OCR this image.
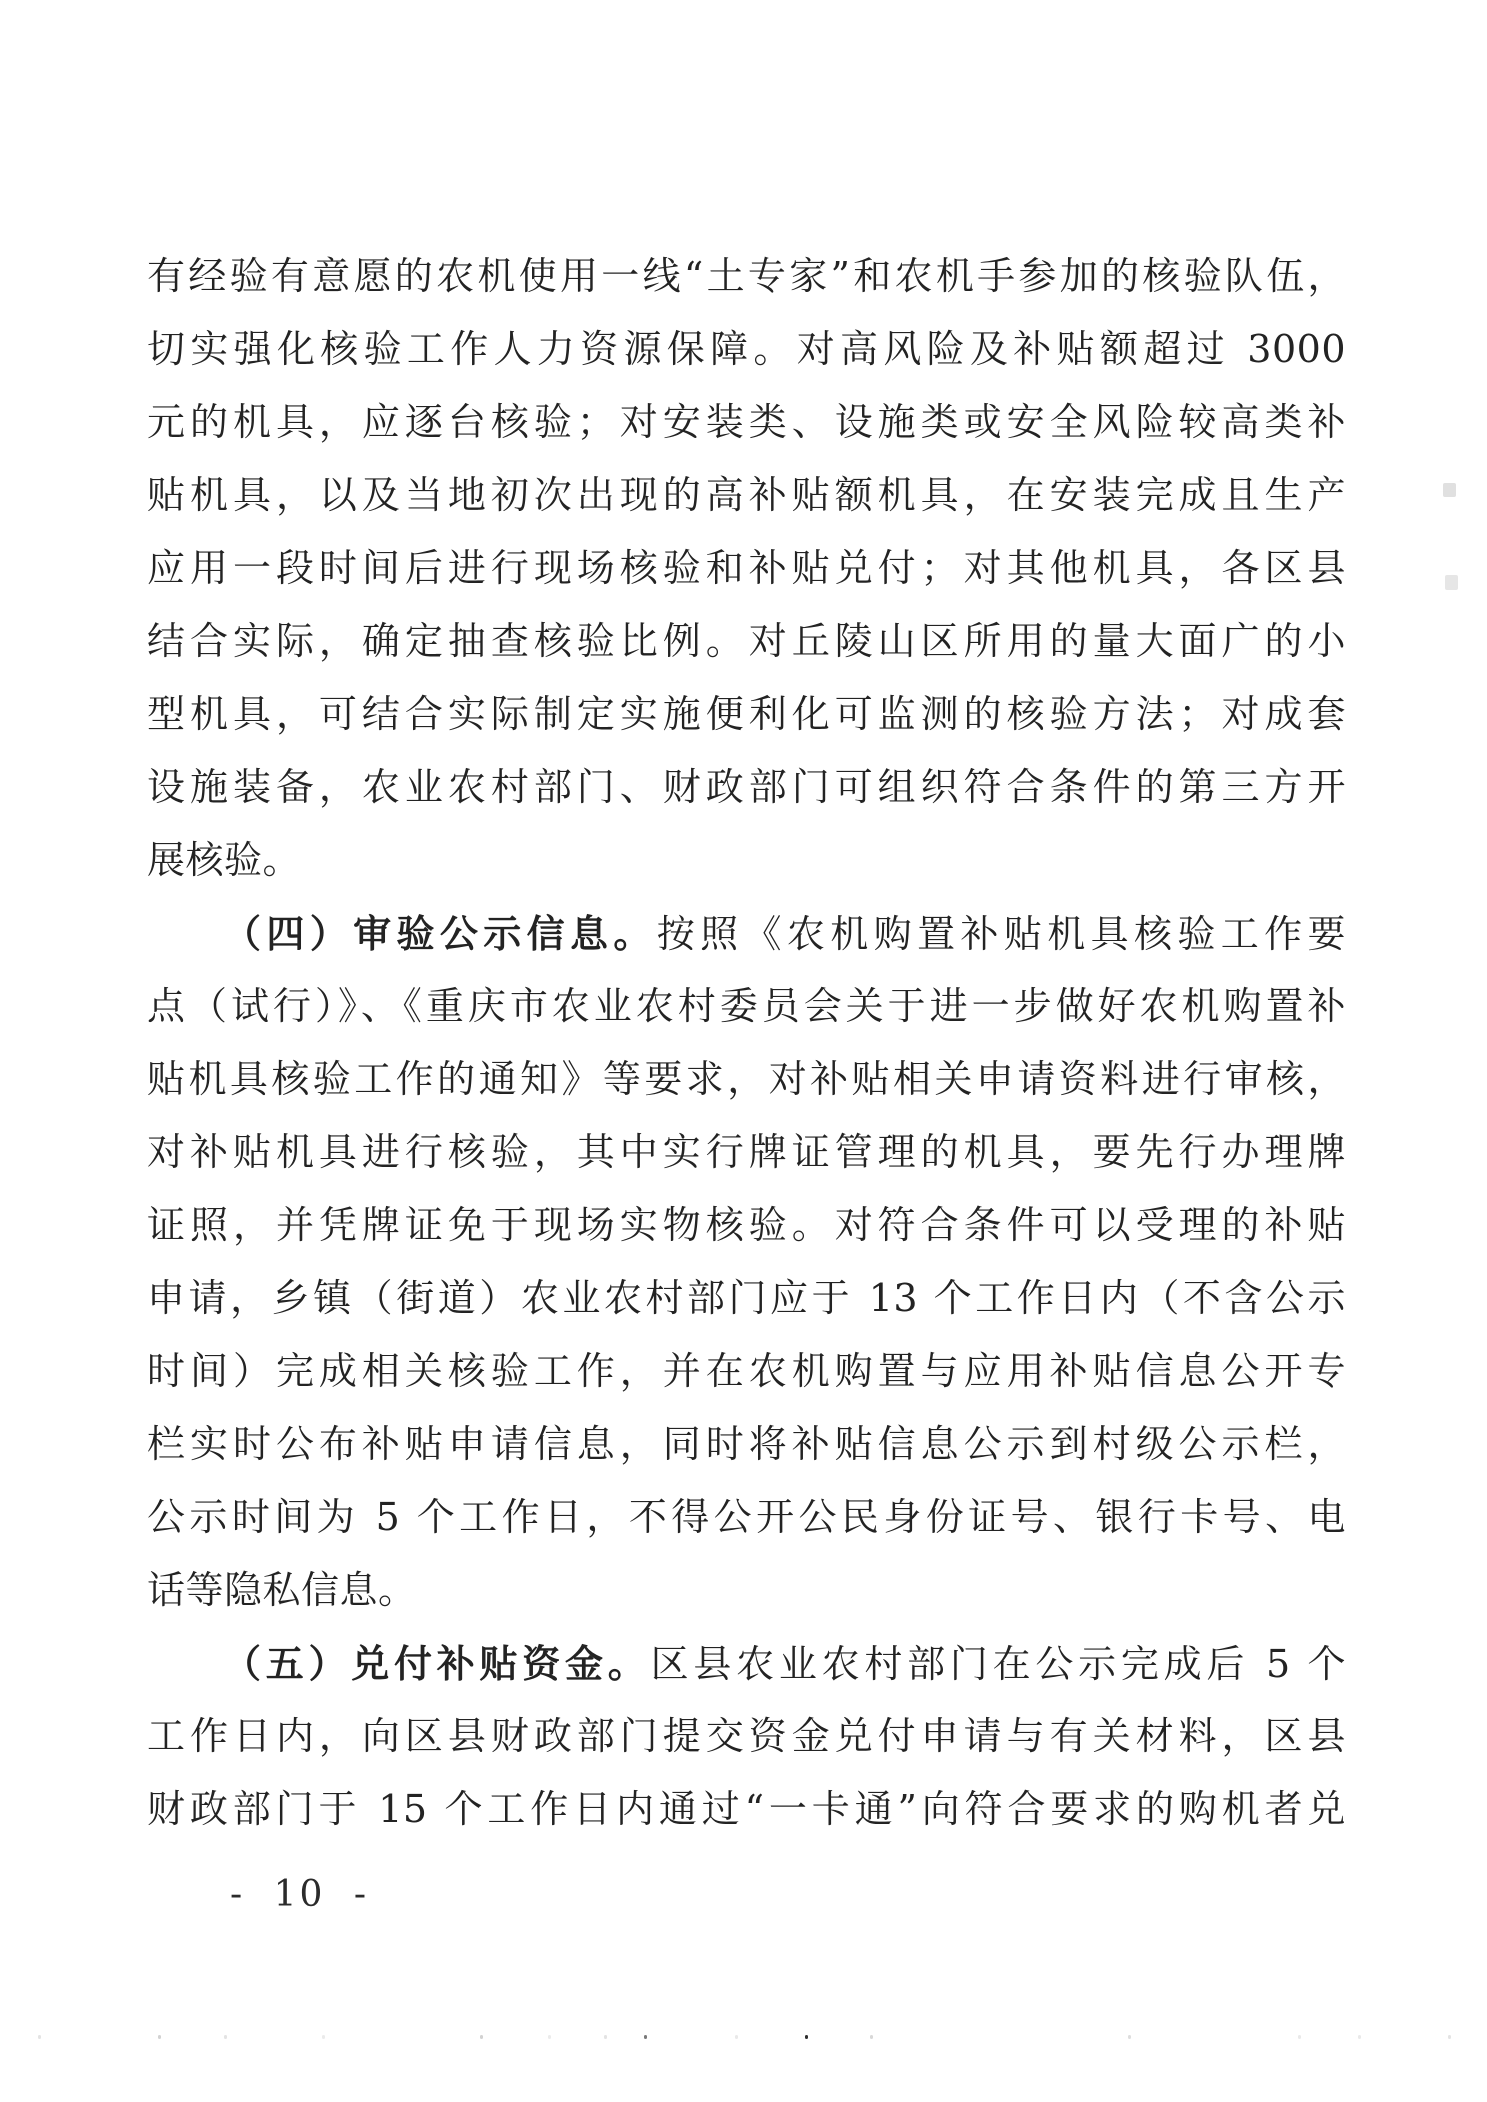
有经验有意愿的农机使用一线“土专家”和农机手参加的核验队伍，
切实强化核验工作人力资源保障。对高风险及补贴额超过 3000
元的机具，应逐台核验；对安装类、设施类或安全风险较高类补
贴机具，以及当地初次出现的高补贴额机具，在安装完成且生产
应用一段时间后进行现场核验和补贴兑付；对其他机具，各区县
结合实际，确定抽查核验比例。对丘陵山区所用的量大面广的小
型机具，可结合实际制定实施便利化可监测的核验方法；对成套
设施装备，农业农村部门、财政部门可组织符合条件的第三方开
展核验。
（四）审验公示信息。按照《农机购置补贴机具核验工作要
点（试行）》、《重庆市农业农村委员会关于进一步做好农机购置补
贴机具核验工作的通知》等要求，对补贴相关申请资料进行审核，
对补贴机具进行核验，其中实行牌证管理的机具，要先行办理牌
证照，并凭牌证免于现场实物核验。对符合条件可以受理的补贴
申请，乡镇（街道）农业农村部门应于 13 个工作日内（不含公示
时间）完成相关核验工作，并在农机购置与应用补贴信息公开专
栏实时公布补贴申请信息，同时将补贴信息公示到村级公示栏，
公示时间为 5 个工作日，不得公开公民身份证号、银行卡号、电
话等隐私信息。
（五）兑付补贴资金。区县农业农村部门在公示完成后 5 个
工作日内，向区县财政部门提交资金兑付申请与有关材料，区县
财政部门于 15 个工作日内通过“一卡通”向符合要求的购机者兑
- 10 -
